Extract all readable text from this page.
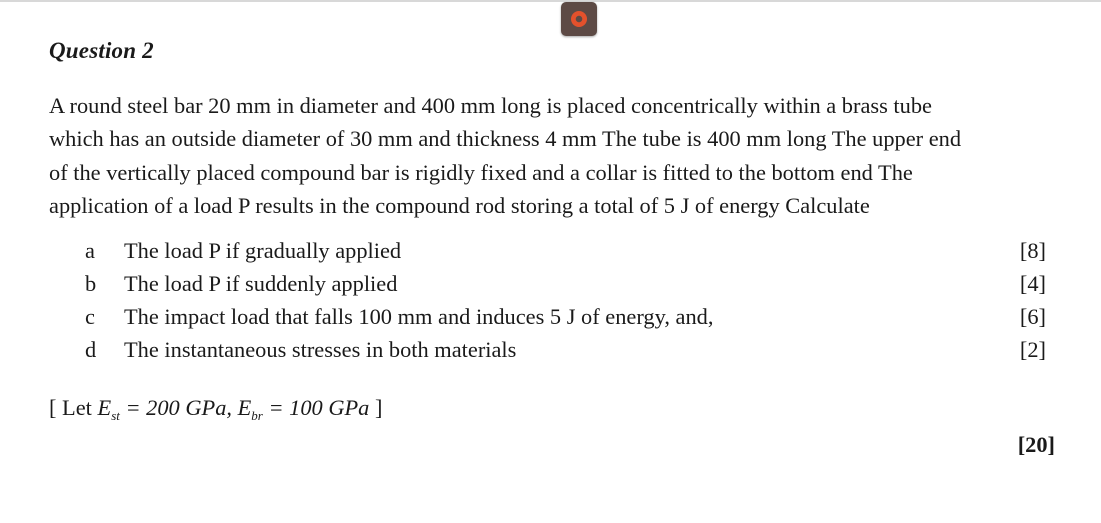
Question 2
A round steel bar 20 mm in diameter and 400 mm long is placed concentrically within a brass tube
which has an outside diameter of 30 mm and thickness 4 mm The tube is 400 mm long The upper end
of the vertically placed compound bar is rigidly fixed and a collar is fitted to the bottom end The
application of a load P results in the compound rod storing a total of 5 J of energy Calculate
a The load P if gradually applied	[8]
b The load P if suddenly applied	[4]
c The impact load that falls 100 mm and induces 5 J of energy, and,	[6]
d The instantaneous stresses in both materials	[2]
[ Let $E_{st} = 200$ GPa, $E_{br} = 100$ GPa ]
[20]
